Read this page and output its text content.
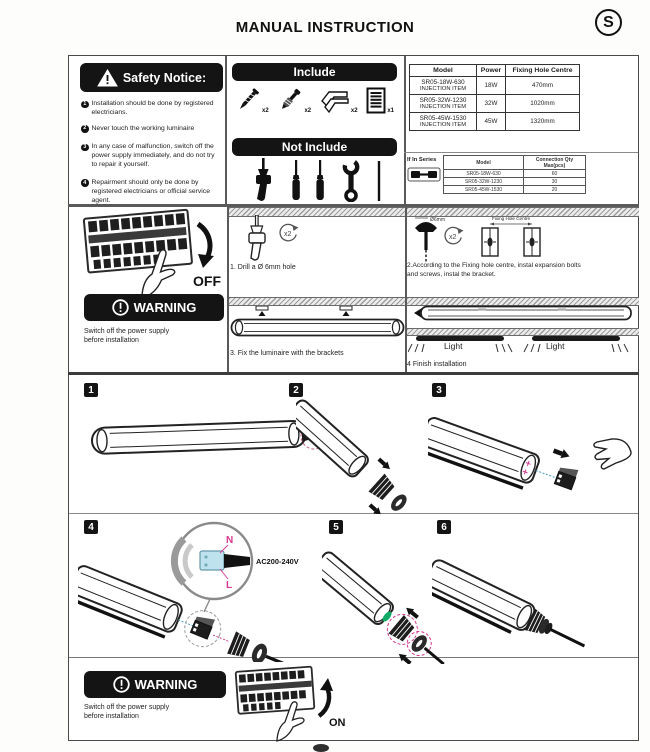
MANUAL INSTRUCTION	S
Safety Notice:
1 Installation should be done by registered electricians.
2 Never touch the working luminaire
3 In any case of malfunction, switch off the power supply immediately, and do not try to repair it yourself.
4 Repairment should only be done by registered electricians or official service agent.
Include
x2	x2	x2	x1
Not Include
Model	Power	Fixing Hole Centre

SR05-18W-630
INJECTION ITEM	18W	470mm

SR05-32W-1230
INJECTION ITEM	32W	1020mm

SR05-45W-1530
INJECTION ITEM	45W	1320mm
If In Series	Model	Connection Qty Max(pcs)
SR05-18W-630	60
SR05-32W-1230	30
SR05-45W-1530	20
OFF
x2
1. Drill a Ø 6mm hole
Ø6mm
x2
Fixing Hole Centre
2.According to the Fixing hole centre, instal expansion bolts and screws, instal the bracket.
WARNING
Switch off the power supply
before installation
3. Fix the luminaire with the brackets
Light	Light
4 Finish installation
1	2	3
4
N
L
AC200-240V
5	6
WARNING
Switch off the power supply
before installation
ON
